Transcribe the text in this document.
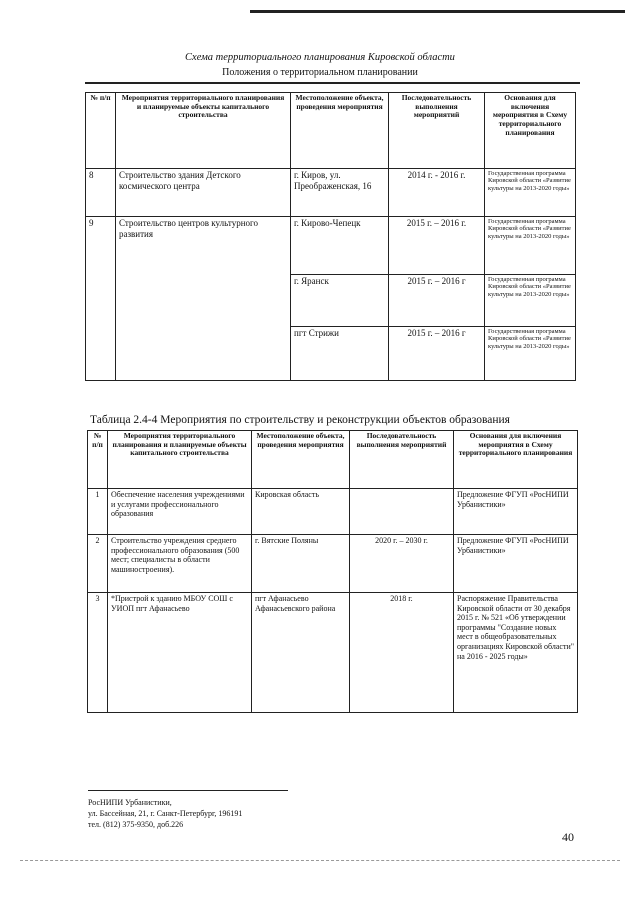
Схема территориального планирования Кировской области
Положения о территориальном планировании
№ п/п	Мероприятия территориального планирования и планируемые объекты капитального строительства	Местоположение объекта, проведения мероприятия	Последовательность выполнения мероприятий	Основания для включения мероприятия в Схему территориального планирования
8	Строительство здания Детского космического центра	г. Киров, ул. Преображенская, 16	2014 г. - 2016 г.	Государственная программа Кировской области «Развитие культуры на 2013-2020 годы»
9	Строительство центров культурного развития	г. Кирово-Чепецк	2015 г. – 2016 г.	Государственная программа Кировской области «Развитие культуры на 2013-2020 годы»
		г. Яранск	2015 г. – 2016 г	Государственная программа Кировской области «Развитие культуры на 2013-2020 годы»
		пгт Стрижи	2015 г. – 2016 г	Государственная программа Кировской области «Развитие культуры на 2013-2020 годы»
Таблица 2.4-4 Мероприятия по строительству и реконструкции объектов образования
№ п/п	Мероприятия территориального планирования и планируемые объекты капитального строительства	Местоположение объекта, проведения мероприятия	Последовательность выполнения мероприятий	Основания для включения мероприятия в Схему территориального планирования
1	Обеспечение населения учреждениями и услугами профессионального образования	Кировская область		Предложение ФГУП «РосНИПИ Урбанистики»
2	Строительство учреждения среднего профессионального образования (500 мест; специалисты в области машиностроения).	г. Вятские Поляны	2020 г. – 2030 г.	Предложение ФГУП «РосНИПИ Урбанистики»
3	*Пристрой к зданию МБОУ СОШ с УИОП пгт Афанасьево	пгт Афанасьево Афанасьевского района	2018 г.	Распоряжение Правительства Кировской области от 30 декабря 2015 г. № 521 «Об утверждении программы "Создание новых мест в общеобразовательных организациях Кировской области" на 2016 - 2025 годы»
РосНИПИ Урбанистики,
ул. Бассейная, 21, г. Санкт-Петербург, 196191
тел. (812) 375-9350, доб.226
40
